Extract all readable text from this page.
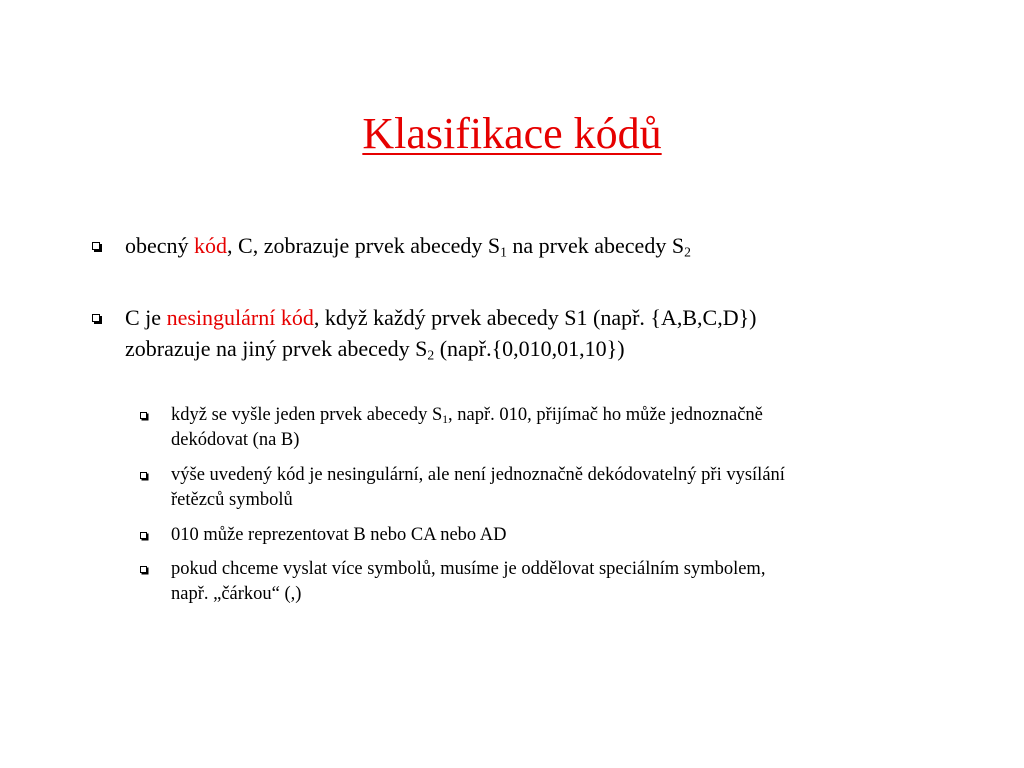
Klasifikace kódů
obecný kód, C, zobrazuje prvek abecedy $S_1$ na prvek abecedy $S_2$
C je nesingulární kód, když každý prvek abecedy S1 (např. {A,B,C,D})
zobrazuje na jiný prvek abecedy $S_2$ (např.{0,010,01,10})
když se vyšle jeden prvek abecedy $S_1$, např. 010, přijímač ho může jednoznačně
dekódovat (na B)
výše uvedený kód je nesingulární, ale není jednoznačně dekódovatelný při vysílání
řetězců symbolů
010 může reprezentovat B nebo CA nebo AD
pokud chceme vyslat více symbolů, musíme je oddělovat speciálním symbolem,
např. „čárkou“ (,)
